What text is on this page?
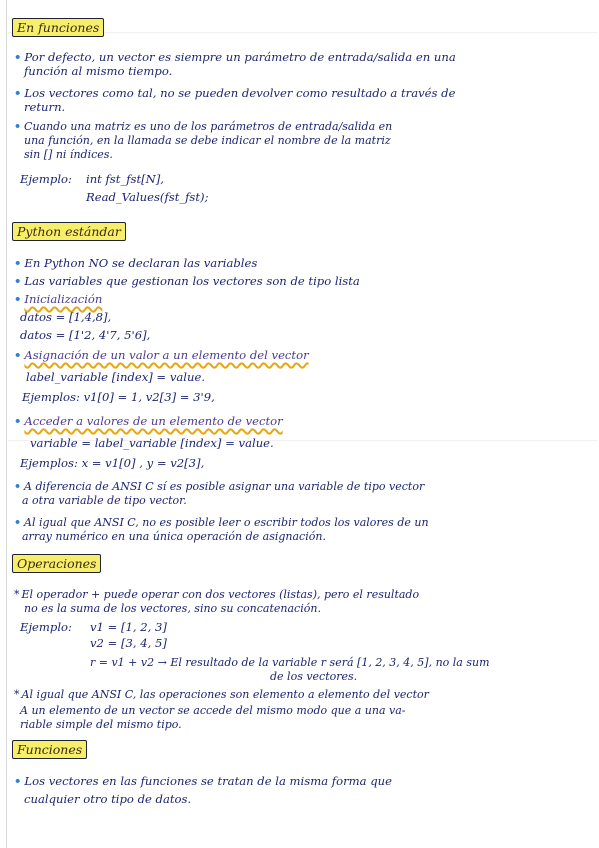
En funciones
• Por defecto, un vector es siempre un parámetro de entrada/salida en una
función al mismo tiempo.
• Los vectores como tal, no se pueden devolver como resultado a través de
return.
• Cuando una matriz es uno de los parámetros de entrada/salida en
una función, en la llamada se debe indicar el nombre de la matriz
sin [] ni índices.
Ejemplo: int fst_fst[N],
Read_Values(fst_fst);
Python estándar
• En Python NO se declaran las variables
• Las variables que gestionan los vectores son de tipo lista
• Inicialización
datos = [1,4,8],
datos = [1'2, 4'7, 5'6],
• Asignación de un valor a un elemento del vector
label_variable [index] = value.
Ejemplos: v1[0] = 1, v2[3] = 3'9,
• Acceder a valores de un elemento de vector
variable = label_variable [index] = value.
Ejemplos: x = v1[0] , y = v2[3],
• A diferencia de ANSI C sí es posible asignar una variable de tipo vector
a otra variable de tipo vector.
• Al igual que ANSI C, no es posible leer o escribir todos los valores de un
array numérico en una única operación de asignación.
Operaciones
* El operador + puede operar con dos vectores (listas), pero el resultado
no es la suma de los vectores, sino su concatenación.
Ejemplo: v1 = [1, 2, 3]
v2 = [3, 4, 5]
r = v1 + v2 → El resultado de la variable r será [1, 2, 3, 4, 5], no la sum
de los vectores.
* Al igual que ANSI C, las operaciones son elemento a elemento del vector
A un elemento de un vector se accede del mismo modo que a una va-
riable simple del mismo tipo.
Funciones
• Los vectores en las funciones se tratan de la misma forma que
cualquier otro tipo de datos.
